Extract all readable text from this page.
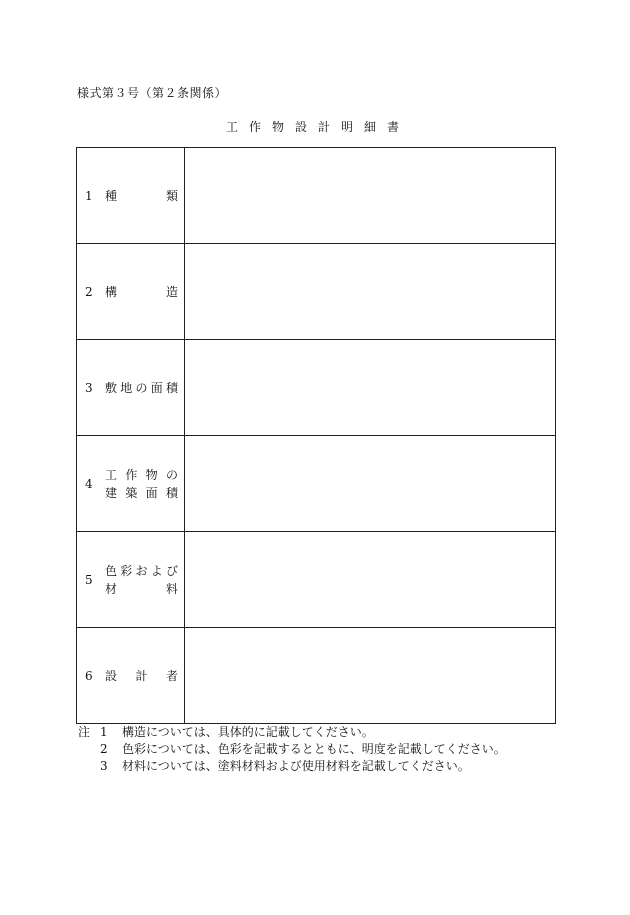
様式第３号（第２条関係）
工作物設計明細書
1 種類	

2 構造	

3 敷地の面積	

4
工作物の
建築面積	

5
色彩および
材料	

6 設計者	

注 1	構造については、具体的に記載してください。
2	色彩については、色彩を記載するとともに、明度を記載してください。
3	材料については、塗料材料および使用材料を記載してください。
